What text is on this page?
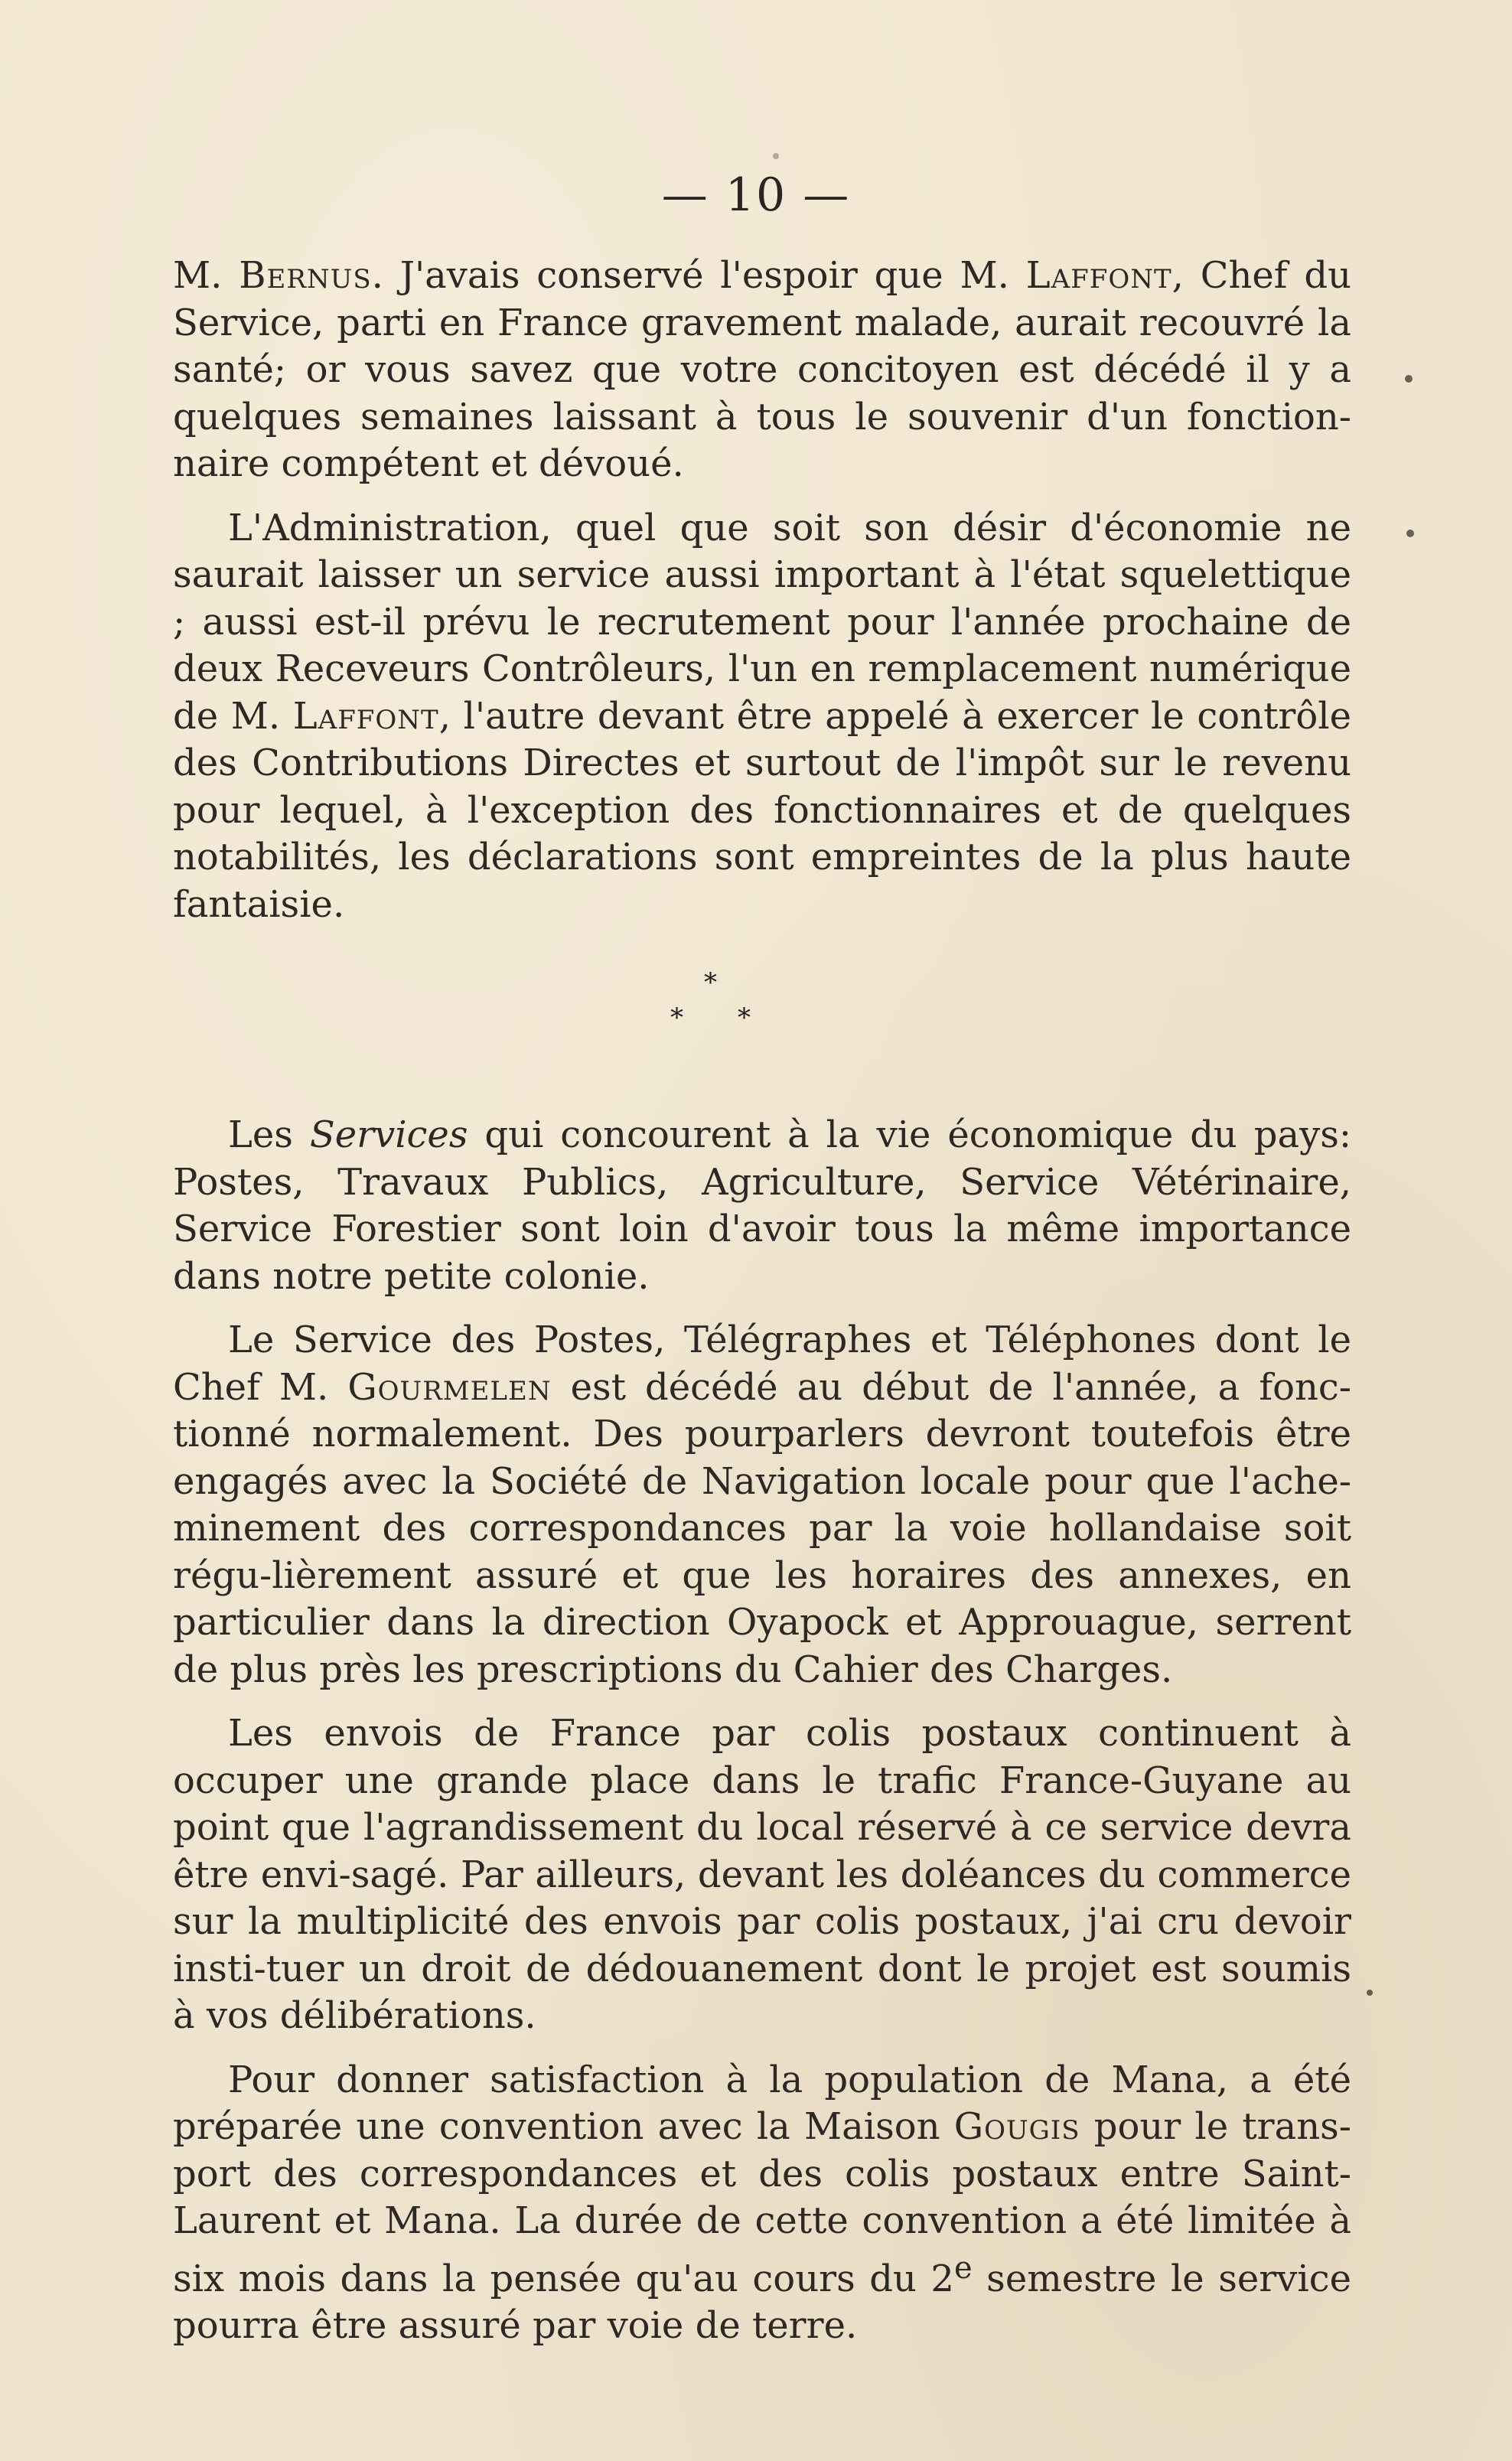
— 10 —

M. Bernus. J'avais conservé l'espoir que M. Laffont, Chef du Service, parti en France gravement malade, aurait recouvré la santé; or vous savez que votre concitoyen est décédé il y a quelques semaines laissant à tous le souvenir d'un fonction-naire compétent et dévoué.

L'Administration, quel que soit son désir d'économie ne saurait laisser un service aussi important à l'état squelettique ; aussi est-il prévu le recrutement pour l'année prochaine de deux Receveurs Contrôleurs, l'un en remplacement numérique de M. Laffont, l'autre devant être appelé à exercer le contrôle des Contributions Directes et surtout de l'impôt sur le revenu pour lequel, à l'exception des fonctionnaires et de quelques notabilités, les déclarations sont empreintes de la plus haute fantaisie.

*
* *

Les Services qui concourent à la vie économique du pays: Postes, Travaux Publics, Agriculture, Service Vétérinaire, Service Forestier sont loin d'avoir tous la même importance dans notre petite colonie.

Le Service des Postes, Télégraphes et Téléphones dont le Chef M. Gourmelen est décédé au début de l'année, a fonc-tionné normalement. Des pourparlers devront toutefois être engagés avec la Société de Navigation locale pour que l'ache-minement des correspondances par la voie hollandaise soit régu-lièrement assuré et que les horaires des annexes, en particulier dans la direction Oyapock et Approuague, serrent de plus près les prescriptions du Cahier des Charges.

Les envois de France par colis postaux continuent à occuper une grande place dans le trafic France-Guyane au point que l'agrandissement du local réservé à ce service devra être envi-sagé. Par ailleurs, devant les doléances du commerce sur la multiplicité des envois par colis postaux, j'ai cru devoir insti-tuer un droit de dédouanement dont le projet est soumis à vos délibérations.

Pour donner satisfaction à la population de Mana, a été préparée une convention avec la Maison Gougis pour le trans-port des correspondances et des colis postaux entre Saint-Laurent et Mana. La durée de cette convention a été limitée à six mois dans la pensée qu'au cours du 2e semestre le service pourra être assuré par voie de terre.
